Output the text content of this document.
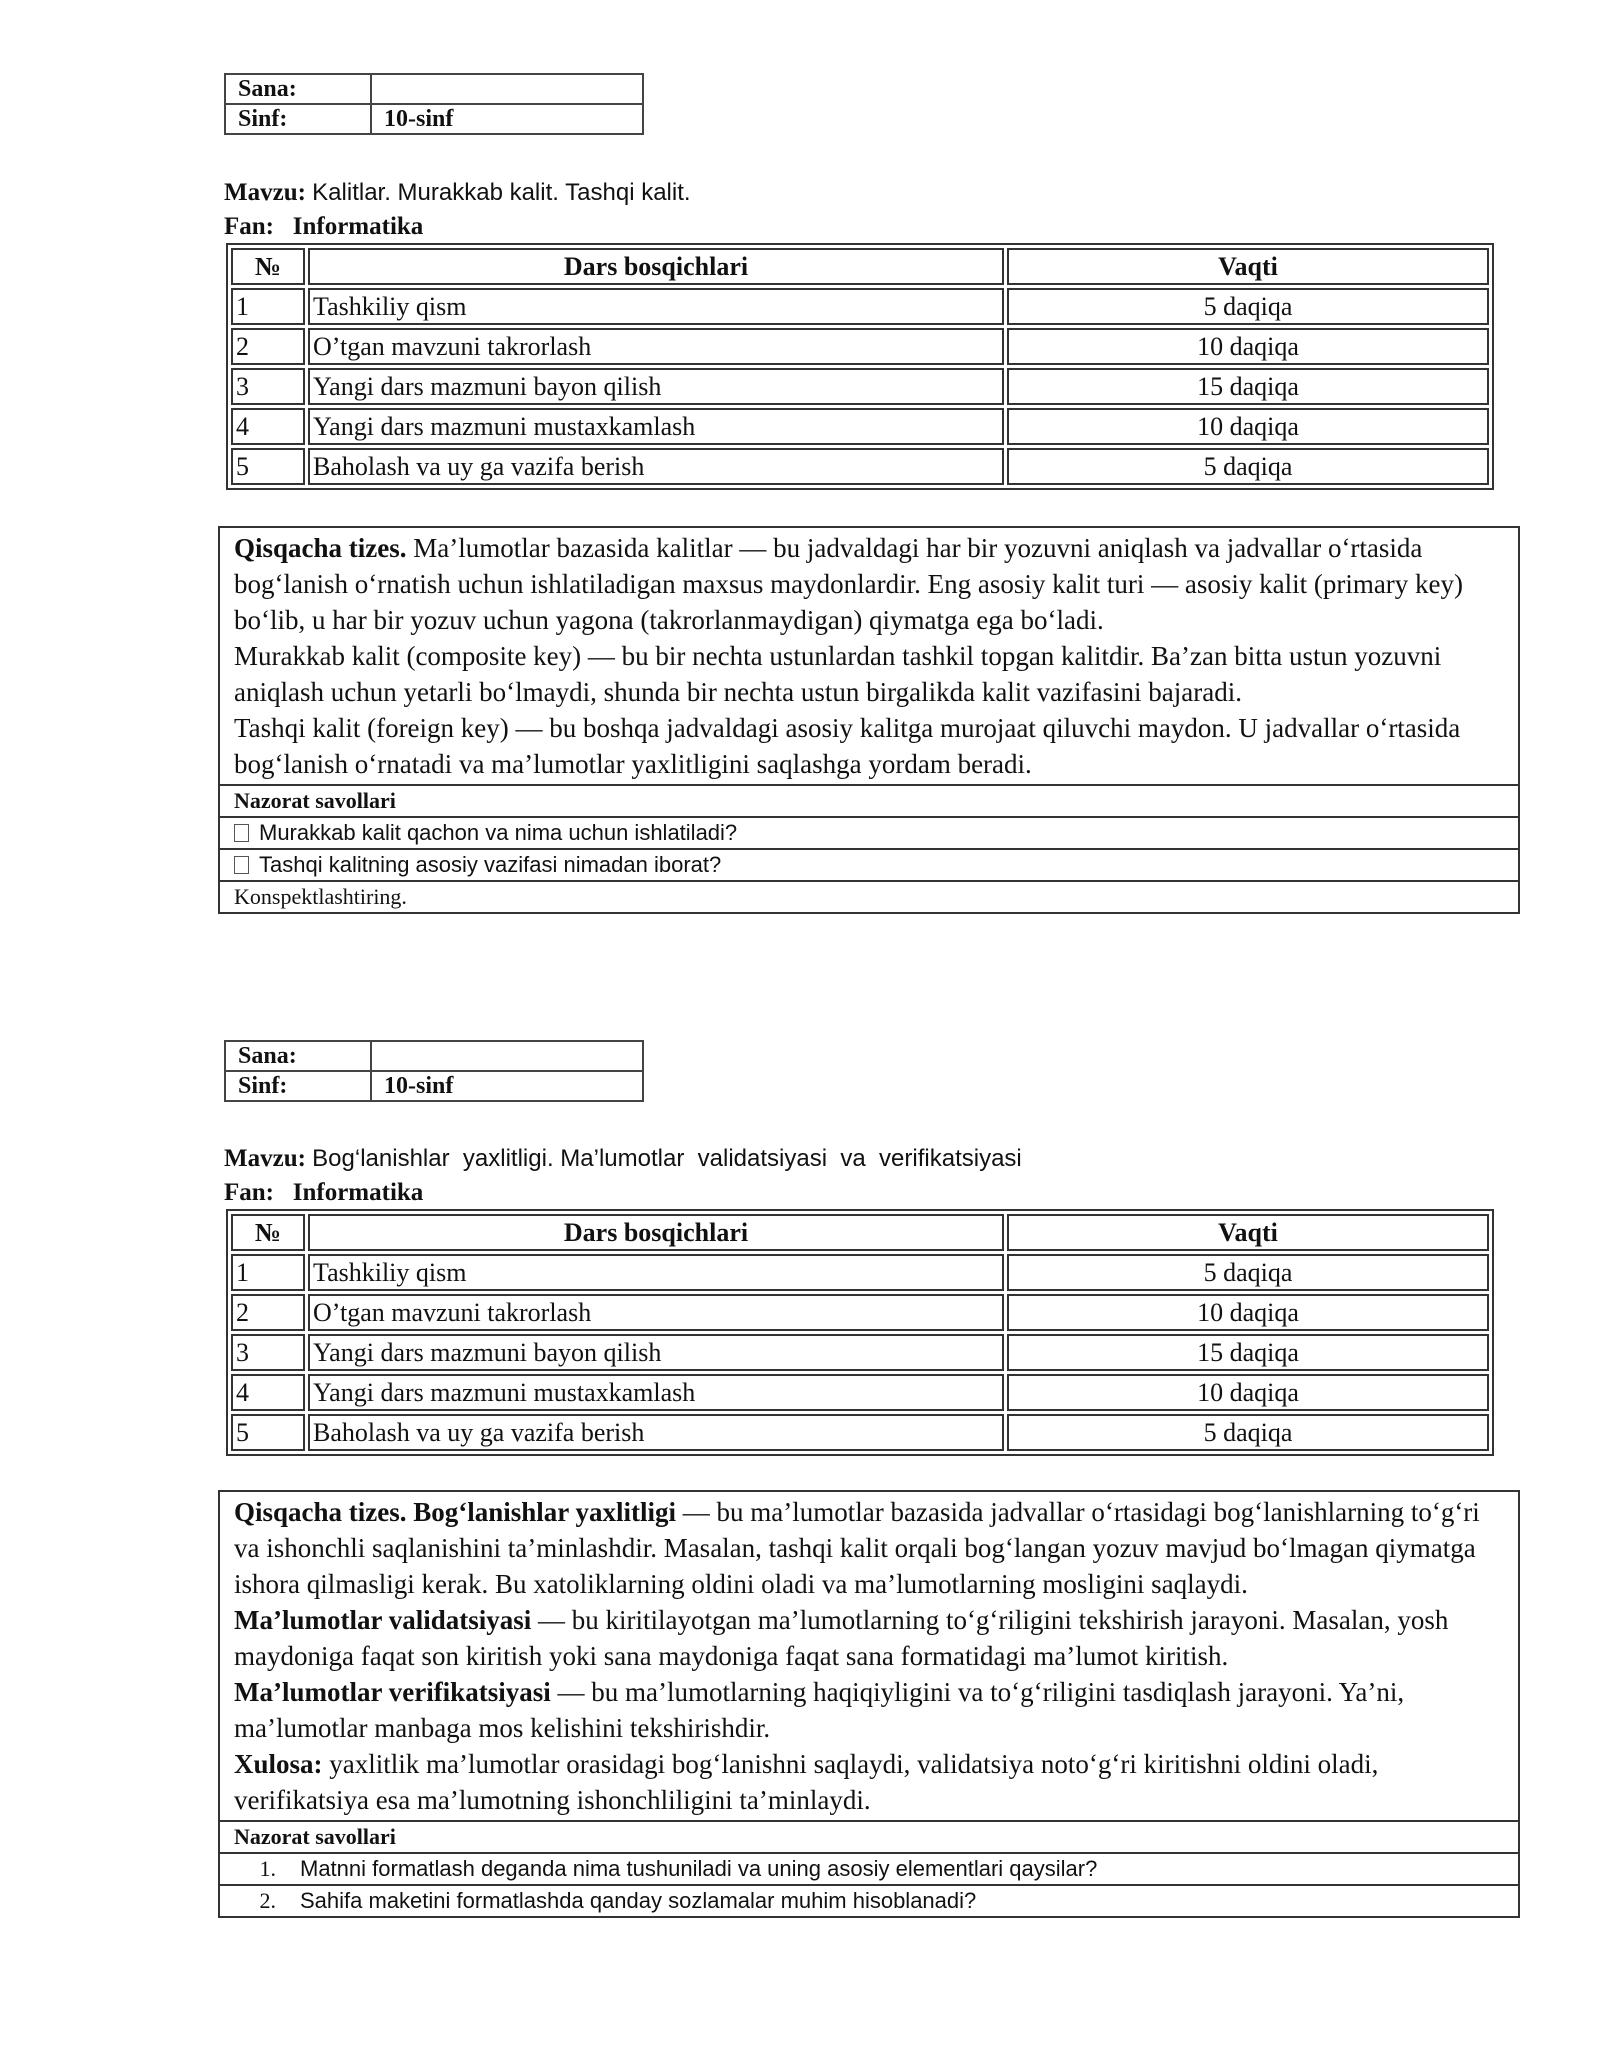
Sana:	
Sinf:	10-sinf
Mavzu: Kalitlar. Murakkab kalit. Tashqi kalit.
Fan: Informatika
№	Dars bosqichlari	Vaqti
1	Tashkiliy qism	5 daqiqa
2	O’tgan mavzuni takrorlash	10 daqiqa
3	Yangi dars mazmuni bayon qilish	15 daqiqa
4	Yangi dars mazmuni mustaxkamlash	10 daqiqa
5	Baholash va uy ga vazifa berish	5 daqiqa

Qisqacha tizes. Ma’lumotlar bazasida kalitlar — bu jadvaldagi har bir yozuvni aniqlash va jadvallar o‘rtasida bog‘lanish o‘rnatish uchun ishlatiladigan maxsus maydonlardir. Eng asosiy kalit turi — asosiy kalit (primary key) bo‘lib, u har bir yozuv uchun yagona (takrorlanmaydigan) qiymatga ega bo‘ladi.

Murakkab kalit (composite key) — bu bir nechta ustunlardan tashkil topgan kalitdir. Ba’zan bitta ustun yozuvni aniqlash uchun yetarli bo‘lmaydi, shunda bir nechta ustun birgalikda kalit vazifasini bajaradi.

Tashqi kalit (foreign key) — bu boshqa jadvaldagi asosiy kalitga murojaat qiluvchi maydon. U jadvallar o‘rtasida bog‘lanish o‘rnatadi va ma’lumotlar yaxlitligini saqlashga yordam beradi.

Nazorat savollari
Murakkab kalit qachon va nima uchun ishlatiladi?
Tashqi kalitning asosiy vazifasi nimadan iborat?
Konspektlashtiring.
Sana:	
Sinf:	10-sinf
Mavzu: Bog‘lanishlar  yaxlitligi. Ma’lumotlar  validatsiyasi  va  verifikatsiyasi
Fan: Informatika
№	Dars bosqichlari	Vaqti
1	Tashkiliy qism	5 daqiqa
2	O’tgan mavzuni takrorlash	10 daqiqa
3	Yangi dars mazmuni bayon qilish	15 daqiqa
4	Yangi dars mazmuni mustaxkamlash	10 daqiqa
5	Baholash va uy ga vazifa berish	5 daqiqa

Qisqacha tizes. Bog‘lanishlar yaxlitligi — bu ma’lumotlar bazasida jadvallar o‘rtasidagi bog‘lanishlarning to‘g‘ri va ishonchli saqlanishini ta’minlashdir. Masalan, tashqi kalit orqali bog‘langan yozuv mavjud bo‘lmagan qiymatga ishora qilmasligi kerak. Bu xatoliklarning oldini oladi va ma’lumotlarning mosligini saqlaydi.

Ma’lumotlar validatsiyasi — bu kiritilayotgan ma’lumotlarning to‘g‘riligini tekshirish jarayoni. Masalan, yosh maydoniga faqat son kiritish yoki sana maydoniga faqat sana formatidagi ma’lumot kiritish.

Ma’lumotlar verifikatsiyasi — bu ma’lumotlarning haqiqiyligini va to‘g‘riligini tasdiqlash jarayoni. Ya’ni, ma’lumotlar manbaga mos kelishini tekshirishdir.

Xulosa: yaxlitlik ma’lumotlar orasidagi bog‘lanishni saqlaydi, validatsiya noto‘g‘ri kiritishni oldini oladi, verifikatsiya esa ma’lumotning ishonchliligini ta’minlaydi.

Nazorat savollari
1. Matnni formatlash deganda nima tushuniladi va uning asosiy elementlari qaysilar?
2. Sahifa maketini formatlashda qanday sozlamalar muhim hisoblanadi?
